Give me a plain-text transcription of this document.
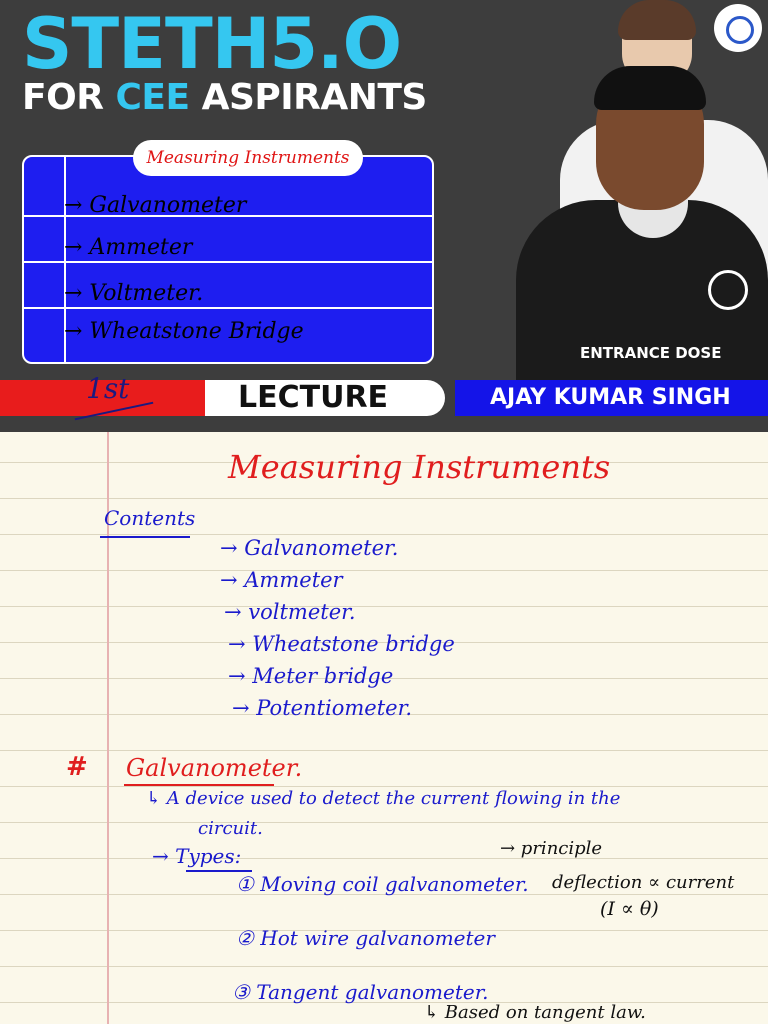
STETH5.O
FOR CEE ASPIRANTS
→ Galvanometer
→ Ammeter
→ Voltmeter.
→ Wheatstone Bridge
Measuring Instruments
ENTRANCE DOSE
1st	LECTURE	AJAY KUMAR SINGH
Measuring Instruments
Contents
→ Galvanometer.
→ Ammeter
→ voltmeter.
→ Wheatstone bridge
→ Meter bridge
→ Potentiometer.
# Galvanometer.
↳ A device used to detect the current flowing in the
circuit.
→ Types:	→ principle
① Moving coil galvanometer. deflection ∝ current
(I ∝ θ)
② Hot wire galvanometer
③ Tangent galvanometer.
↳ Based on tangent law.
